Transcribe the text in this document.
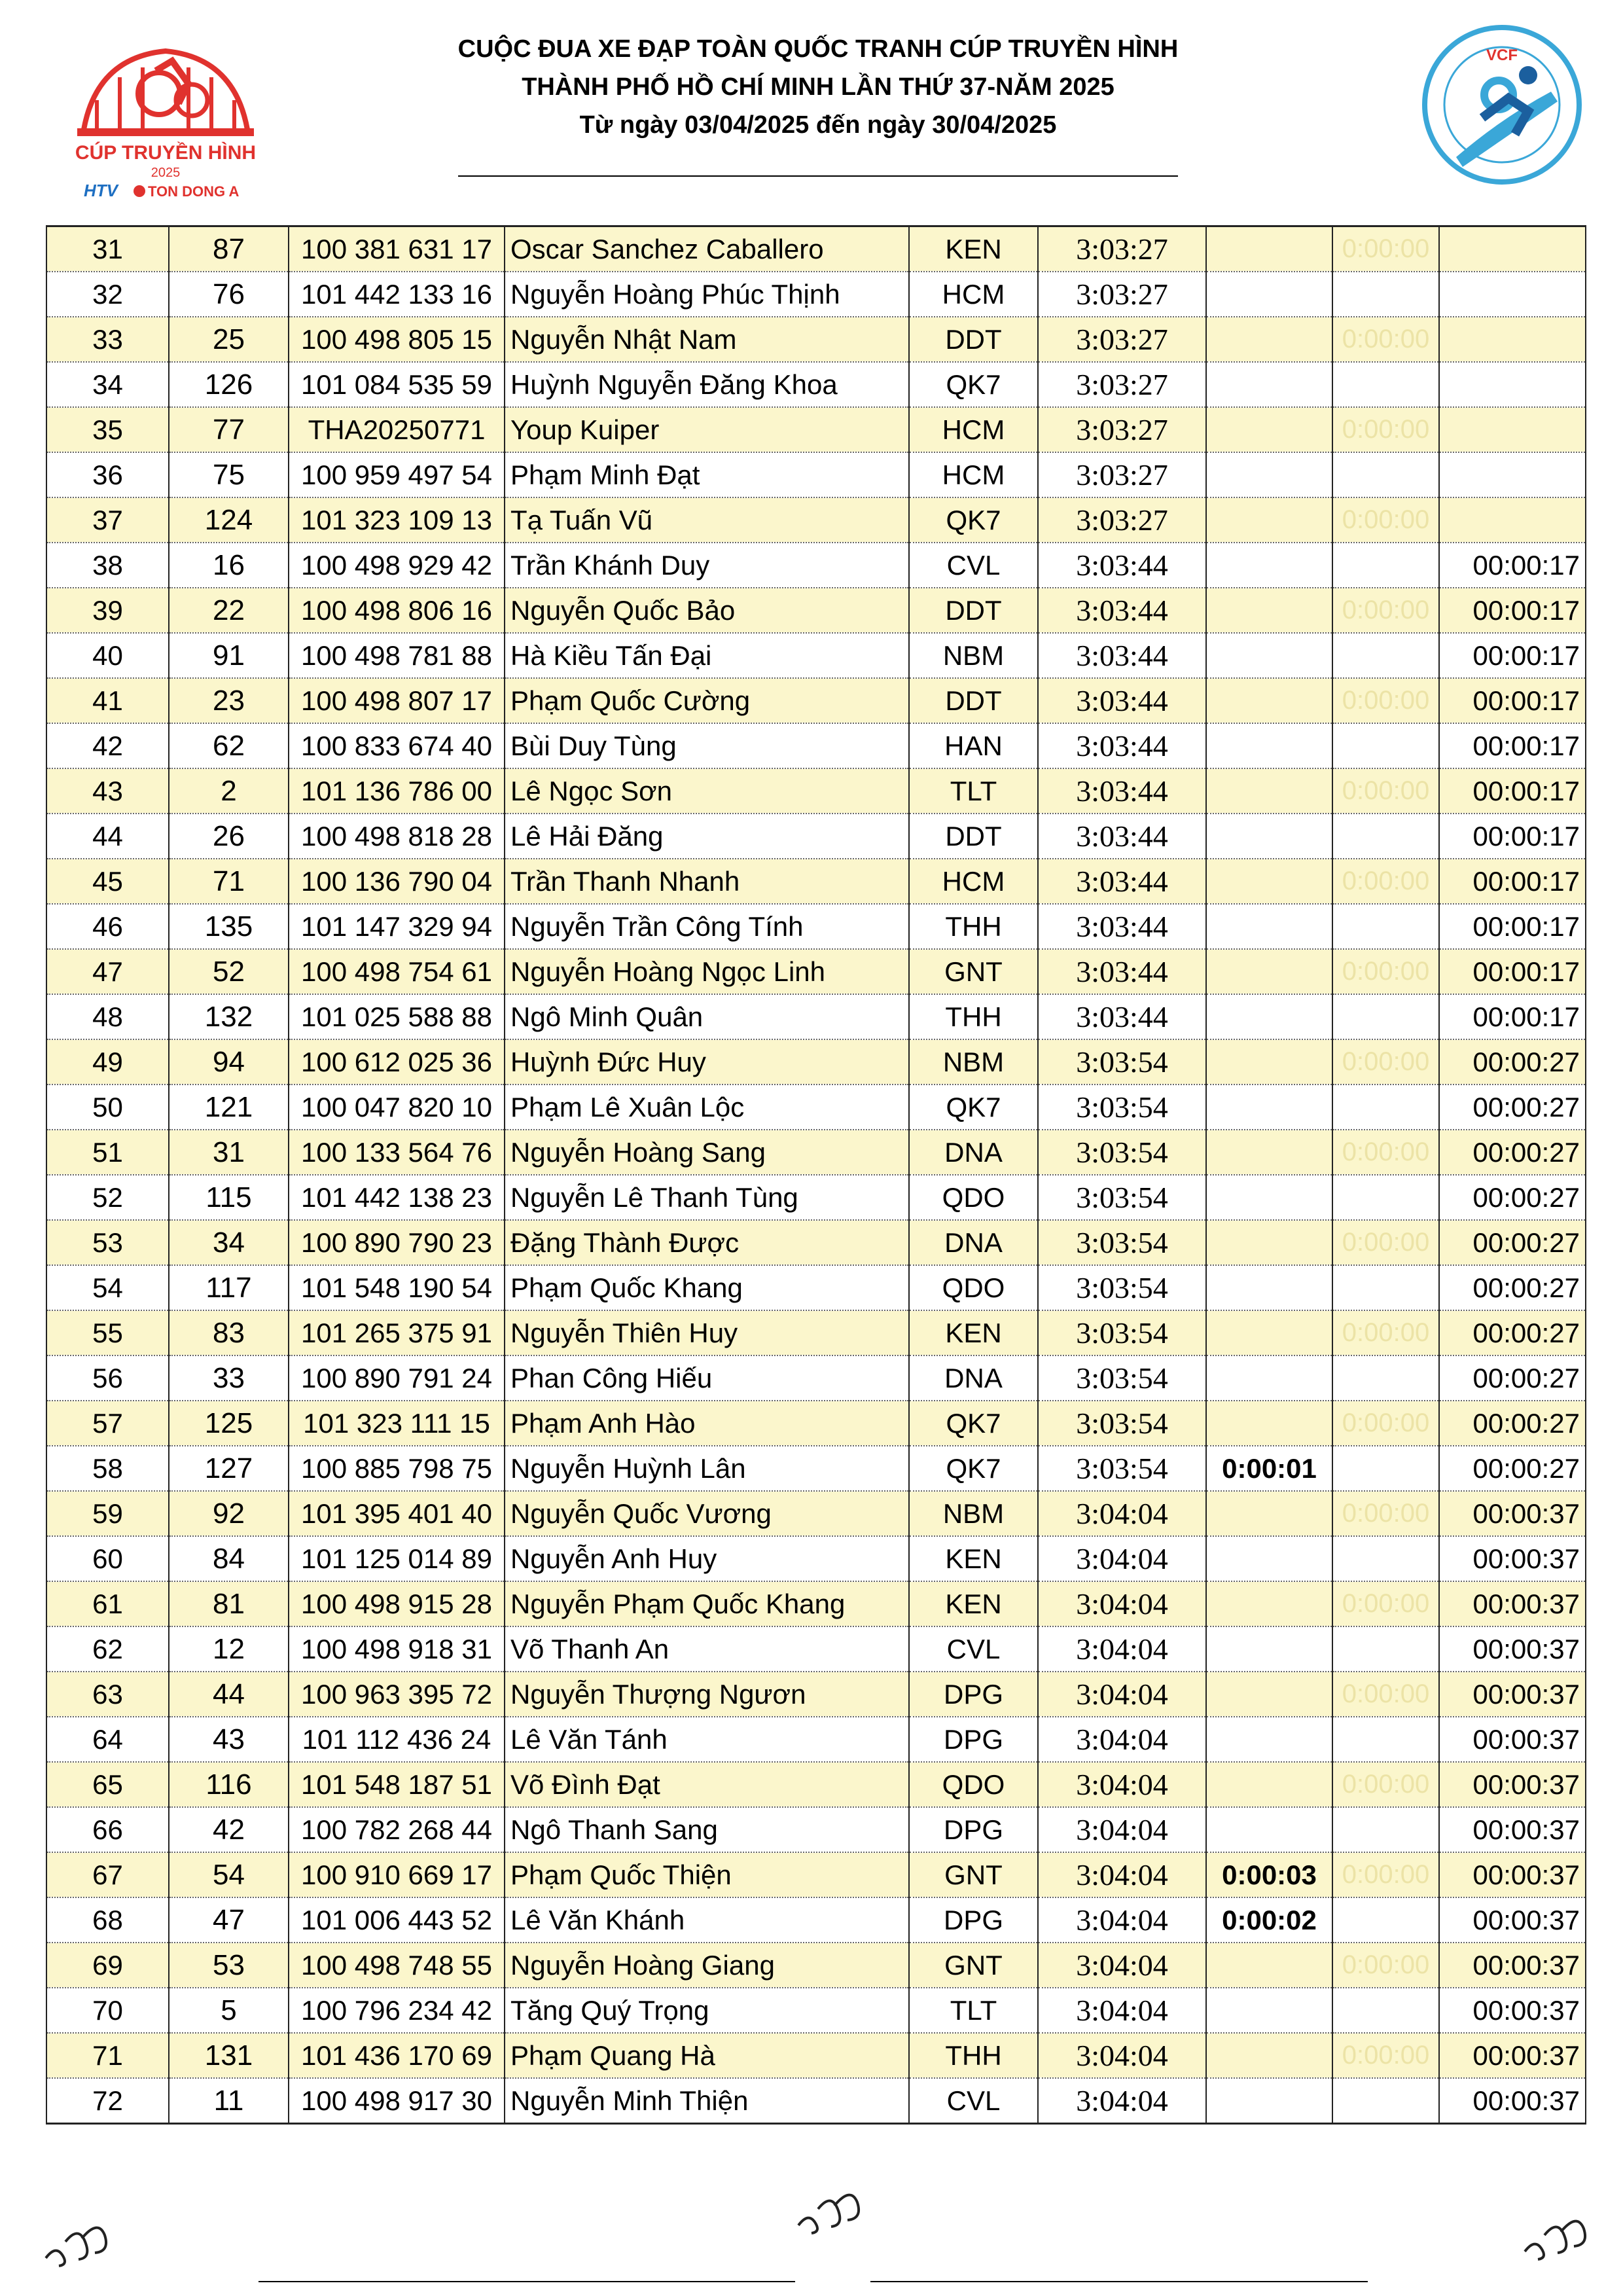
CÚP TRUYỀN HÌNH
2025
HTV TON DONG A
CUỘC ĐUA XE ĐẠP TOÀN QUỐC TRANH CÚP TRUYỀN HÌNH
THÀNH PHỐ HỒ CHÍ MINH LẦN THỨ 37-NĂM 2025
Từ ngày 03/04/2025 đến ngày 30/04/2025
VCF
31	87	100 381 631 17	Oscar Sanchez Caballero	KEN	3:03:27		0:00:00	
32	76	101 442 133 16	Nguyễn Hoàng Phúc Thịnh	HCM	3:03:27			
33	25	100 498 805 15	Nguyễn Nhật Nam	DDT	3:03:27		0:00:00	
34	126	101 084 535 59	Huỳnh Nguyễn Đăng Khoa	QK7	3:03:27			
35	77	THA20250771	Youp Kuiper	HCM	3:03:27		0:00:00	
36	75	100 959 497 54	Phạm Minh Đạt	HCM	3:03:27			
37	124	101 323 109 13	Tạ Tuấn Vũ	QK7	3:03:27		0:00:00	
38	16	100 498 929 42	Trần Khánh Duy	CVL	3:03:44			00:00:17
39	22	100 498 806 16	Nguyễn Quốc Bảo	DDT	3:03:44		0:00:00	00:00:17
40	91	100 498 781 88	Hà Kiều Tấn Đại	NBM	3:03:44			00:00:17
41	23	100 498 807 17	Phạm Quốc Cường	DDT	3:03:44		0:00:00	00:00:17
42	62	100 833 674 40	Bùi Duy Tùng	HAN	3:03:44			00:00:17
43	2	101 136 786 00	Lê Ngọc Sơn	TLT	3:03:44		0:00:00	00:00:17
44	26	100 498 818 28	Lê Hải Đăng	DDT	3:03:44			00:00:17
45	71	100 136 790 04	Trần Thanh Nhanh	HCM	3:03:44		0:00:00	00:00:17
46	135	101 147 329 94	Nguyễn Trần Công Tính	THH	3:03:44			00:00:17
47	52	100 498 754 61	Nguyễn Hoàng Ngọc Linh	GNT	3:03:44		0:00:00	00:00:17
48	132	101 025 588 88	Ngô Minh Quân	THH	3:03:44			00:00:17
49	94	100 612 025 36	Huỳnh Đức Huy	NBM	3:03:54		0:00:00	00:00:27
50	121	100 047 820 10	Phạm Lê Xuân Lộc	QK7	3:03:54			00:00:27
51	31	100 133 564 76	Nguyễn Hoàng Sang	DNA	3:03:54		0:00:00	00:00:27
52	115	101 442 138 23	Nguyễn Lê Thanh Tùng	QDO	3:03:54			00:00:27
53	34	100 890 790 23	Đặng Thành Được	DNA	3:03:54		0:00:00	00:00:27
54	117	101 548 190 54	Phạm Quốc Khang	QDO	3:03:54			00:00:27
55	83	101 265 375 91	Nguyễn Thiên Huy	KEN	3:03:54		0:00:00	00:00:27
56	33	100 890 791 24	Phan Công Hiếu	DNA	3:03:54			00:00:27
57	125	101 323 111 15	Phạm Anh Hào	QK7	3:03:54		0:00:00	00:00:27
58	127	100 885 798 75	Nguyễn Huỳnh Lân	QK7	3:03:54	0:00:01		00:00:27
59	92	101 395 401 40	Nguyễn Quốc Vương	NBM	3:04:04		0:00:00	00:00:37
60	84	101 125 014 89	Nguyễn Anh Huy	KEN	3:04:04			00:00:37
61	81	100 498 915 28	Nguyễn Phạm Quốc Khang	KEN	3:04:04		0:00:00	00:00:37
62	12	100 498 918 31	Võ Thanh An	CVL	3:04:04			00:00:37
63	44	100 963 395 72	Nguyễn Thượng Ngươn	DPG	3:04:04		0:00:00	00:00:37
64	43	101 112 436 24	Lê Văn Tánh	DPG	3:04:04			00:00:37
65	116	101 548 187 51	Võ Đình Đạt	QDO	3:04:04		0:00:00	00:00:37
66	42	100 782 268 44	Ngô Thanh Sang	DPG	3:04:04			00:00:37
67	54	100 910 669 17	Phạm Quốc Thiện	GNT	3:04:04	0:00:03	0:00:00	00:00:37
68	47	101 006 443 52	Lê Văn Khánh	DPG	3:04:04	0:00:02		00:00:37
69	53	100 498 748 55	Nguyễn Hoàng Giang	GNT	3:04:04		0:00:00	00:00:37
70	5	100 796 234 42	Tăng Quý Trọng	TLT	3:04:04			00:00:37
71	131	101 436 170 69	Phạm Quang Hà	THH	3:04:04		0:00:00	00:00:37
72	11	100 498 917 30	Nguyễn Minh Thiện	CVL	3:04:04			00:00:37
